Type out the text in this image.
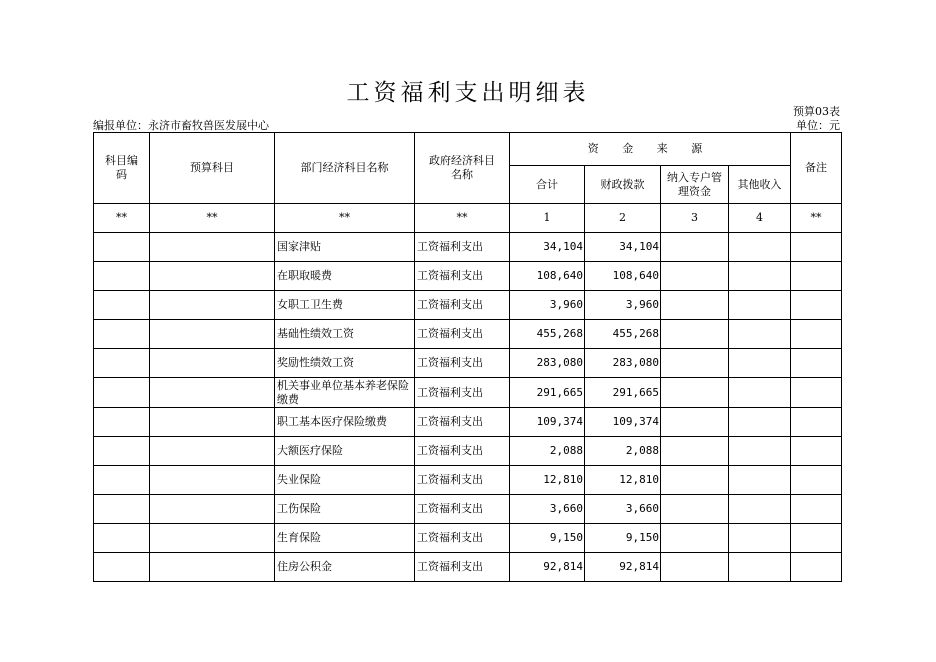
工资福利支出明细表
预算03表
编报单位：永济市畜牧兽医发展中心	单位：元
科目编码	预算科目	部门经济科目名称	政府经济科目名称	资 金 来 源				备注
				合计	财政拨款	纳入专户管理资金	其他收入	
**	**	**	**	1	2	3	4	**
		国家津贴	工资福利支出	34,104	34,104			
		在职取暖费	工资福利支出	108,640	108,640			
		女职工卫生费	工资福利支出	3,960	3,960			
		基础性绩效工资	工资福利支出	455,268	455,268			
		奖励性绩效工资	工资福利支出	283,080	283,080			
		机关事业单位基本养老保险缴费	工资福利支出	291,665	291,665			
		职工基本医疗保险缴费	工资福利支出	109,374	109,374			
		大额医疗保险	工资福利支出	2,088	2,088			
		失业保险	工资福利支出	12,810	12,810			
		工伤保险	工资福利支出	3,660	3,660			
		生育保险	工资福利支出	9,150	9,150			
		住房公积金	工资福利支出	92,814	92,814			
